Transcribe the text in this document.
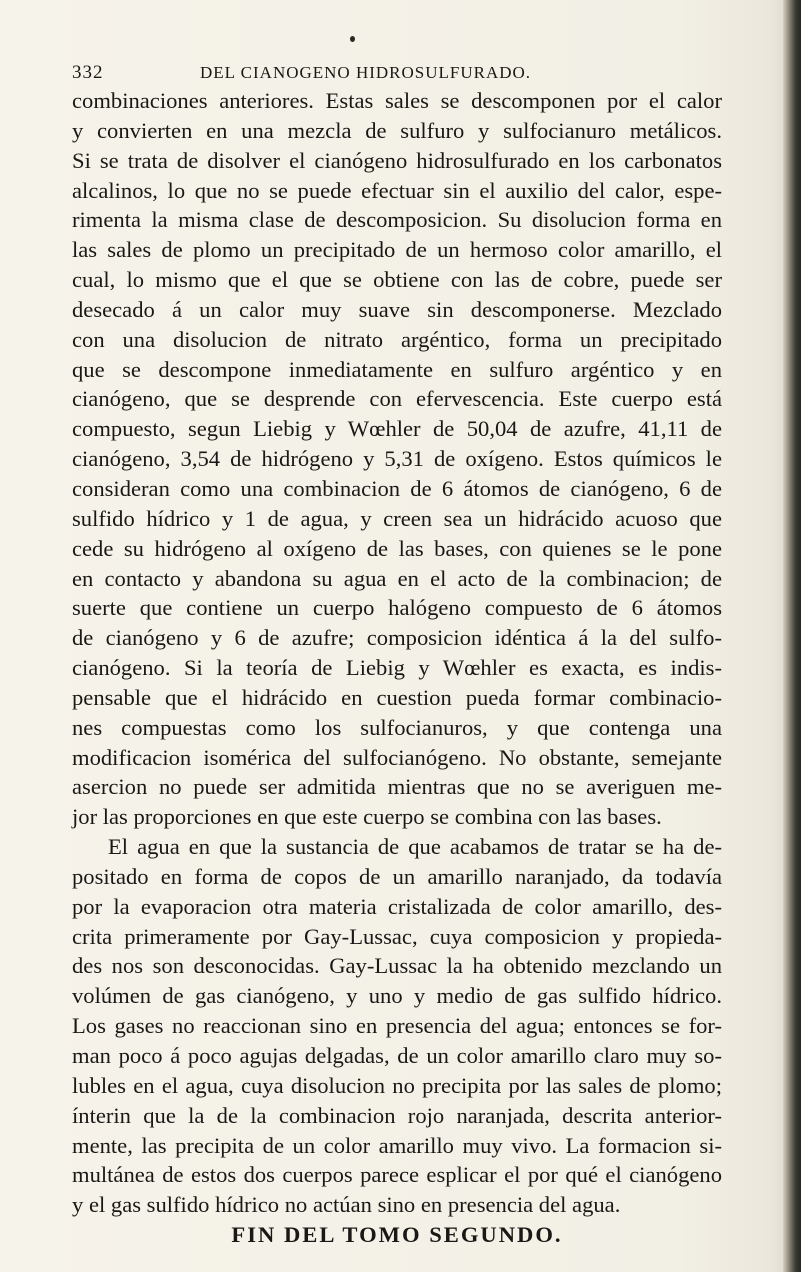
332	DEL CIANOGENO HIDROSULFURADO.
combinaciones anteriores. Estas sales se descomponen por el calor
y convierten en una mezcla de sulfuro y sulfocianuro metálicos.
Si se trata de disolver el cianógeno hidrosulfurado en los carbonatos
alcalinos, lo que no se puede efectuar sin el auxilio del calor, espe-
rimenta la misma clase de descomposicion. Su disolucion forma en
las sales de plomo un precipitado de un hermoso color amarillo, el
cual, lo mismo que el que se obtiene con las de cobre, puede ser
desecado á un calor muy suave sin descomponerse. Mezclado
con una disolucion de nitrato argéntico, forma un precipitado
que se descompone inmediatamente en sulfuro argéntico y en
cianógeno, que se desprende con efervescencia. Este cuerpo está
compuesto, segun Liebig y Wœhler de 50,04 de azufre, 41,11 de
cianógeno, 3,54 de hidrógeno y 5,31 de oxígeno. Estos químicos le
consideran como una combinacion de 6 átomos de cianógeno, 6 de
sulfido hídrico y 1 de agua, y creen sea un hidrácido acuoso que
cede su hidrógeno al oxígeno de las bases, con quienes se le pone
en contacto y abandona su agua en el acto de la combinacion; de
suerte que contiene un cuerpo halógeno compuesto de 6 átomos
de cianógeno y 6 de azufre; composicion idéntica á la del sulfo-
cianógeno. Si la teoría de Liebig y Wœhler es exacta, es indis-
pensable que el hidrácido en cuestion pueda formar combinacio-
nes compuestas como los sulfocianuros, y que contenga una
modificacion isomérica del sulfocianógeno. No obstante, semejante
asercion no puede ser admitida mientras que no se averiguen me-
jor las proporciones en que este cuerpo se combina con las bases.
El agua en que la sustancia de que acabamos de tratar se ha de-
positado en forma de copos de un amarillo naranjado, da todavía
por la evaporacion otra materia cristalizada de color amarillo, des-
crita primeramente por Gay-Lussac, cuya composicion y propieda-
des nos son desconocidas. Gay-Lussac la ha obtenido mezclando un
volúmen de gas cianógeno, y uno y medio de gas sulfido hídrico.
Los gases no reaccionan sino en presencia del agua; entonces se for-
man poco á poco agujas delgadas, de un color amarillo claro muy so-
lubles en el agua, cuya disolucion no precipita por las sales de plomo;
ínterin que la de la combinacion rojo naranjada, descrita anterior-
mente, las precipita de un color amarillo muy vivo. La formacion si-
multánea de estos dos cuerpos parece esplicar el por qué el cianógeno
y el gas sulfido hídrico no actúan sino en presencia del agua.
FIN DEL TOMO SEGUNDO.
